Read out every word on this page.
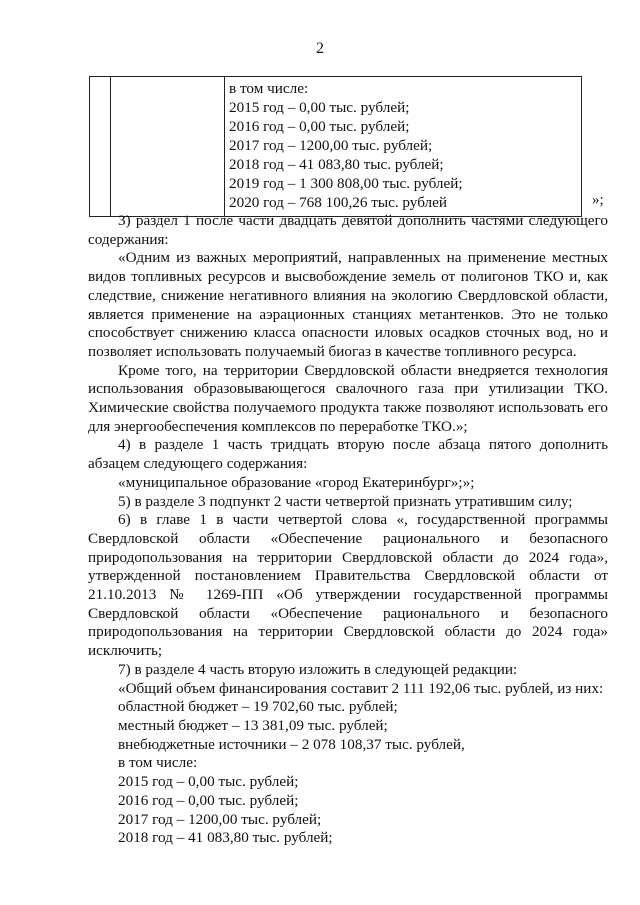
2

в том числе:
2015 год – 0,00 тыс. рублей;
2016 год – 0,00 тыс. рублей;
2017 год – 1200,00 тыс. рублей;
2018 год – 41 083,80 тыс. рублей;
2019 год – 1 300 808,00 тыс. рублей;
2020 год – 768 100,26 тыс. рублей	»;

3) раздел 1 после части двадцать девятой дополнить частями следующего содержания:

«Одним из важных мероприятий, направленных на применение местных видов топливных ресурсов и высвобождение земель от полигонов ТКО и, как следствие, снижение негативного влияния на экологию Свердловской области, является применение на аэрационных станциях метантенков. Это не только способствует снижению класса опасности иловых осадков сточных вод, но и позволяет использовать получаемый биогаз в качестве топливного ресурса.

Кроме того, на территории Свердловской области внедряется технология использования образовывающегося свалочного газа при утилизации ТКО. Химические свойства получаемого продукта также позволяют использовать его для энергообеспечения комплексов по переработке ТКО.»;

4) в разделе 1 часть тридцать вторую после абзаца пятого дополнить абзацем следующего содержания:

«муниципальное образование «город Екатеринбург»;»;

5) в разделе 3 подпункт 2 части четвертой признать утратившим силу;

6) в главе 1 в части четвертой слова «, государственной программы Свердловской области «Обеспечение рационального и безопасного природопользования на территории Свердловской области до 2024 года», утвержденной постановлением Правительства Свердловской области от 21.10.2013 № 1269-ПП «Об утверждении государственной программы Свердловской области «Обеспечение рационального и безопасного природопользования на территории Свердловской области до 2024 года» исключить;

7) в разделе 4 часть вторую изложить в следующей редакции:

«Общий объем финансирования составит 2 111 192,06 тыс. рублей, из них:

областной бюджет – 19 702,60 тыс. рублей;

местный бюджет – 13 381,09 тыс. рублей;

внебюджетные источники – 2 078 108,37 тыс. рублей,

в том числе:

2015 год – 0,00 тыс. рублей;

2016 год – 0,00 тыс. рублей;

2017 год – 1200,00 тыс. рублей;

2018 год – 41 083,80 тыс. рублей;
